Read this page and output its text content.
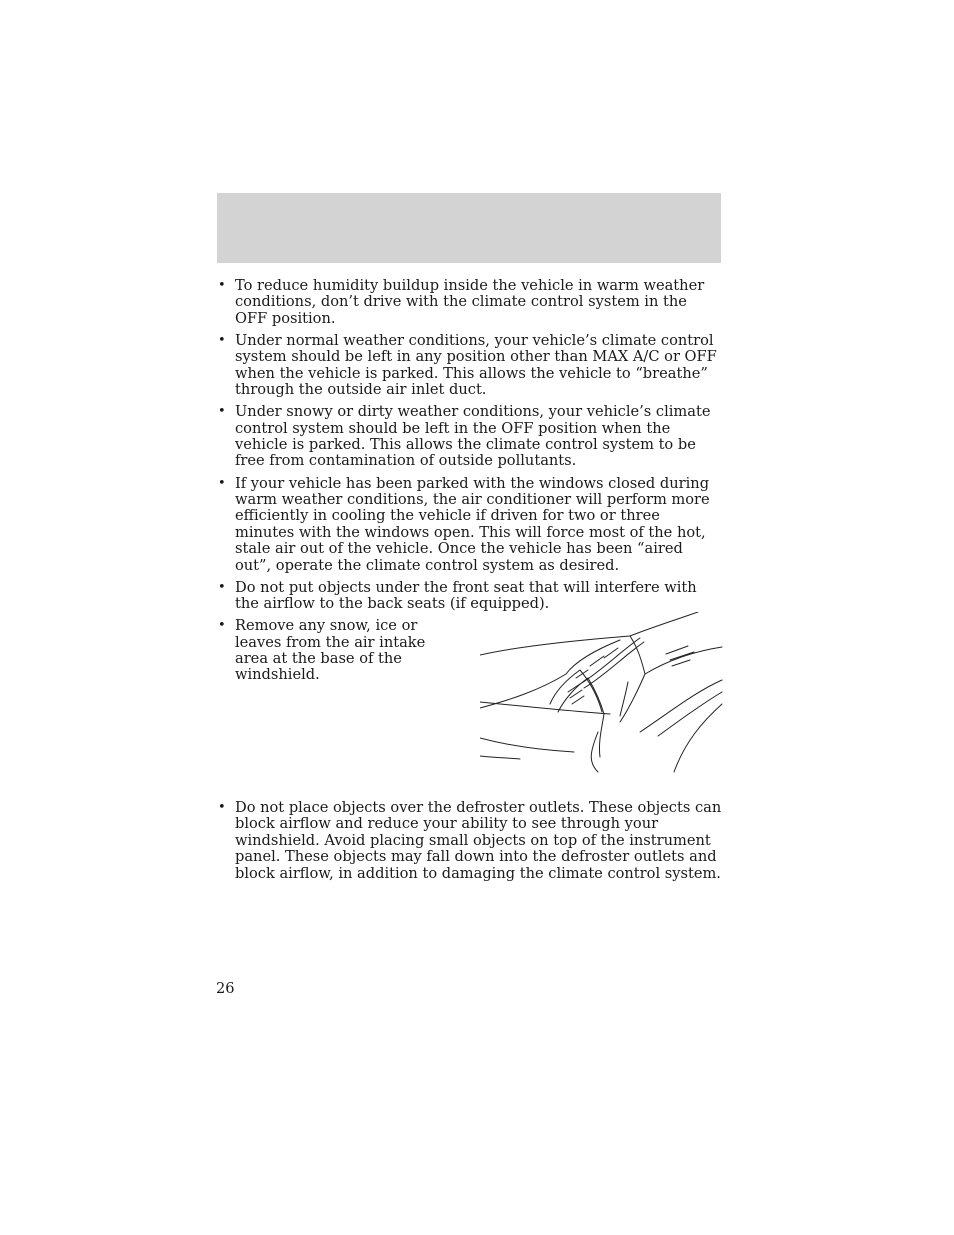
• To reduce humidity buildup inside the vehicle in warm weather conditions, don’t drive with the climate control system in the OFF position.
• Under normal weather conditions, your vehicle’s climate control system should be left in any position other than MAX A/C or OFF when the vehicle is parked. This allows the vehicle to “breathe” through the outside air inlet duct.
• Under snowy or dirty weather conditions, your vehicle’s climate control system should be left in the OFF position when the vehicle is parked. This allows the climate control system to be free from contamination of outside pollutants.
• If your vehicle has been parked with the windows closed during warm weather conditions, the air conditioner will perform more efficiently in cooling the vehicle if driven for two or three minutes with the windows open. This will force most of the hot, stale air out of the vehicle. Once the vehicle has been “aired out”, operate the climate control system as desired.
• Do not put objects under the front seat that will interfere with the airflow to the back seats (if equipped).
• Remove any snow, ice or leaves from the air intake area at the base of the windshield.
• Do not place objects over the defroster outlets. These objects can block airflow and reduce your ability to see through your windshield. Avoid placing small objects on top of the instrument panel. These objects may fall down into the defroster outlets and block airflow, in addition to damaging the climate control system.
26
